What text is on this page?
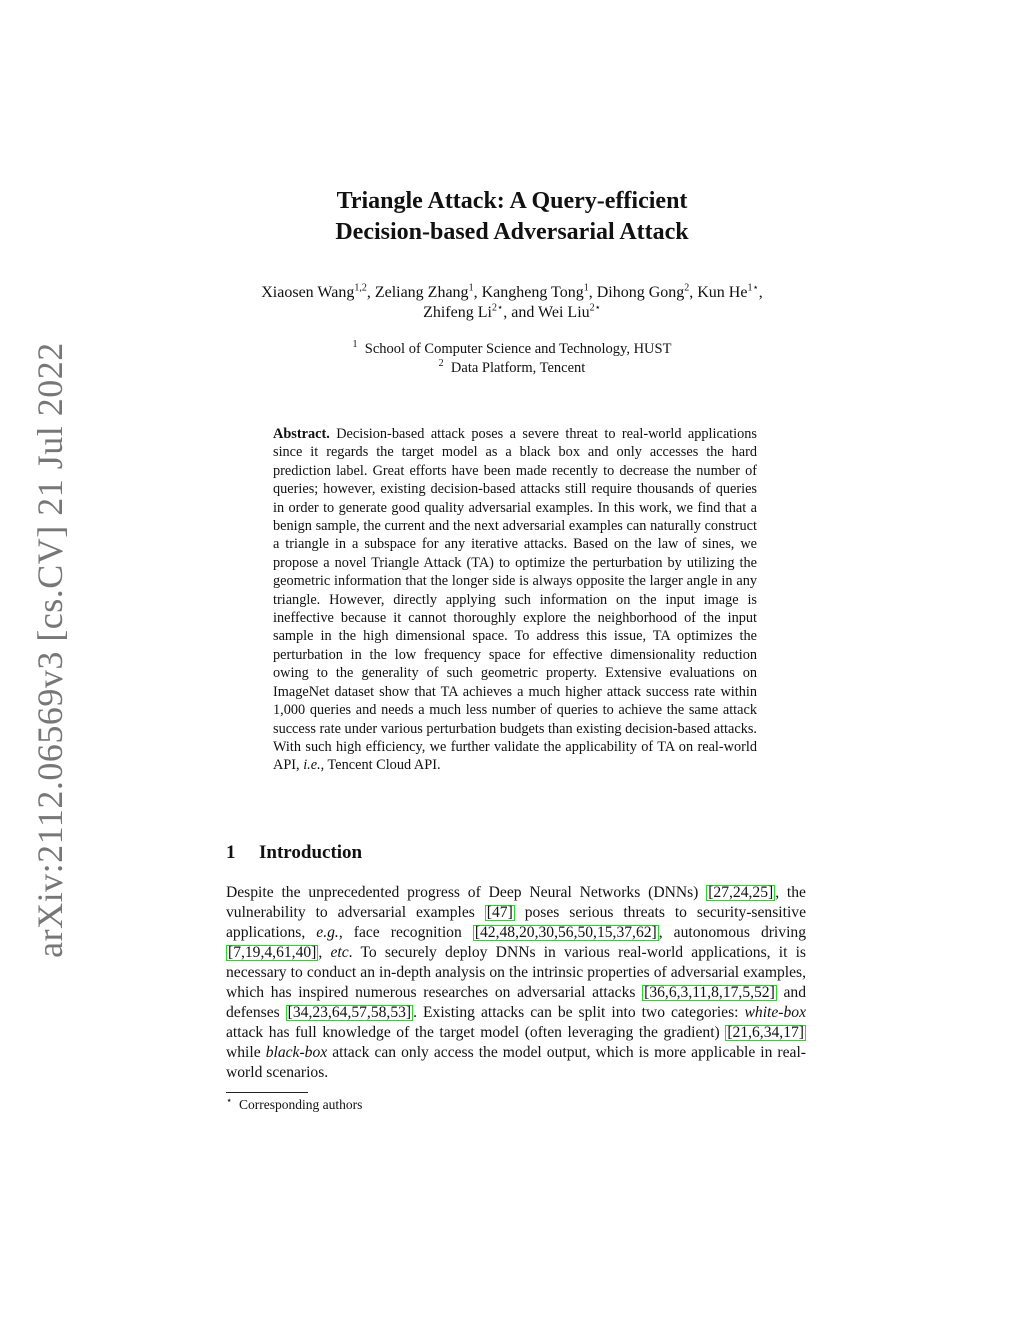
arXiv:2112.06569v3 [cs.CV] 21 Jul 2022
Triangle Attack: A Query-efficient
Decision-based Adversarial Attack
Xiaosen Wang$^{1,2}$, Zeliang Zhang$^1$, Kangheng Tong$^1$, Dihong Gong$^2$, Kun $He^{1⋆}$,
Zhifeng $Li^{2⋆}$, and Wei Liu$^{2⋆}$
$^1$ School of Computer Science and Technology, HUST
$^2$ Data Platform, Tencent
Abstract. Decision-based attack poses a severe threat to real-world applications since it regards the target model as a black box and only accesses the hard prediction label. Great efforts have been made recently to decrease the number of queries; however, existing decision-based attacks still require thousands of queries in order to generate good quality adversarial examples. In this work, we find that a benign sample, the current and the next adversarial examples can naturally construct a triangle in a subspace for any iterative attacks. Based on the law of sines, we propose a novel Triangle Attack (TA) to optimize the perturbation by utilizing the geometric information that the longer side is always opposite the larger angle in any triangle. However, directly applying such information on the input image is ineffective because it cannot thoroughly explore the neighborhood of the input sample in the high dimensional space. To address this issue, TA optimizes the perturbation in the low frequency space for effective dimensionality reduction owing to the generality of such geometric property. Extensive evaluations on ImageNet dataset show that TA achieves a much higher attack success rate within 1,000 queries and needs a much less number of queries to achieve the same attack success rate under various perturbation budgets than existing decision-based attacks. With such high efficiency, we further validate the applicability of TA on real-world API, i.e., Tencent Cloud API.
1 Introduction
Despite the unprecedented progress of Deep Neural Networks (DNNs) [27,24,25] , the vulnerability to adversarial examples [47] poses serious threats to security-sensitive applications, e.g., face recognition [42,48,20,30,56,50,15,37,62] , autonomous driving [7,19,4,61,40] , etc. To securely deploy DNNs in various real-world applications, it is necessary to conduct an in-depth analysis on the intrinsic properties of adversarial examples, which has inspired numerous researches on adversarial attacks [36,6,3,11,8,17,5,52] and defenses [34,23,64,57,58,53] . Existing attacks can be split into two categories: white-box attack has full knowledge of the target model (often leveraging the gradient) [21,6,34,17] while black-box attack can only access the model output, which is more applicable in real-world scenarios.
⋆ Corresponding authors
